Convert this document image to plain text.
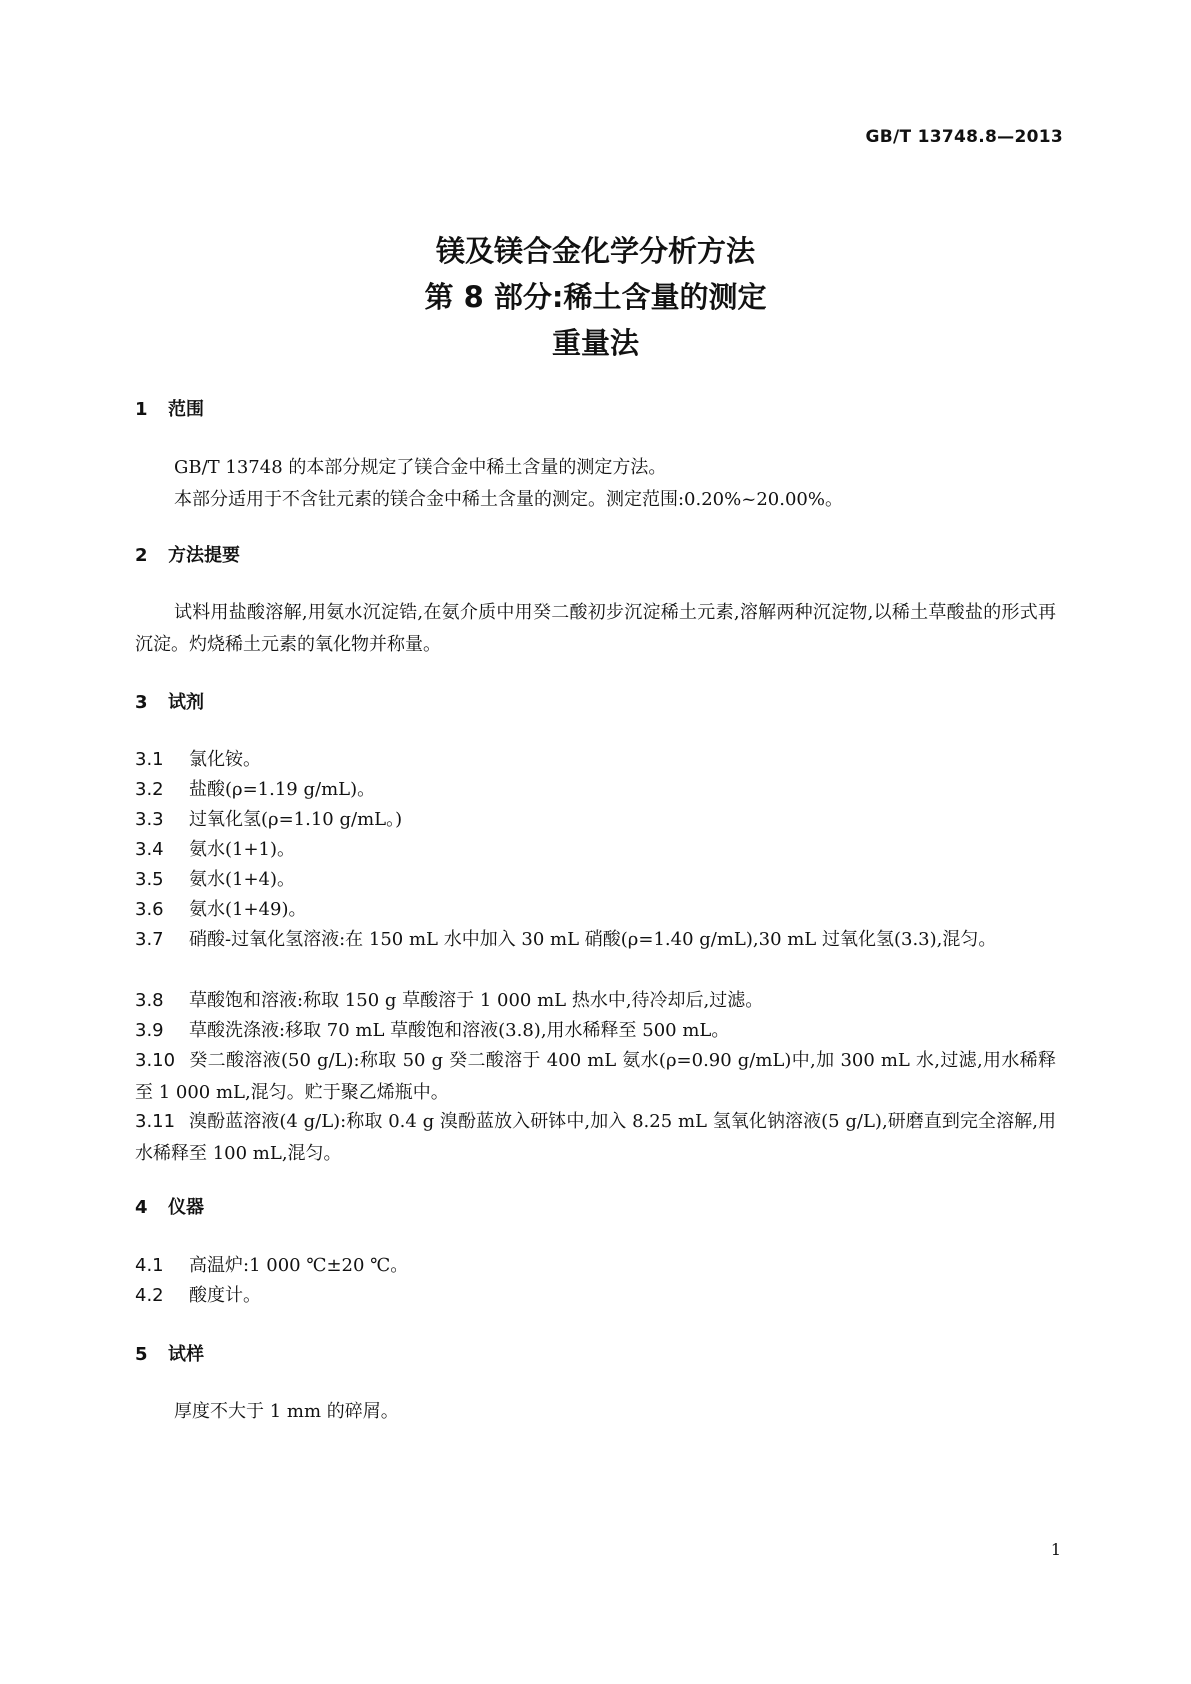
GB/T 13748.8—2013
镁及镁合金化学分析方法
第 8 部分:稀土含量的测定
重量法
1 范围
GB/T 13748 的本部分规定了镁合金中稀土含量的测定方法。
本部分适用于不含钍元素的镁合金中稀土含量的测定。测定范围:0.20%~20.00%。
2 方法提要
试料用盐酸溶解,用氨水沉淀锆,在氨介质中用癸二酸初步沉淀稀土元素,溶解两种沉淀物,以稀土草酸盐的形式再沉淀。灼烧稀土元素的氧化物并称量。
3 试剂
3.1 氯化铵。
3.2 盐酸(ρ=1.19 g/mL)。
3.3 过氧化氢(ρ=1.10 g/mL。)
3.4 氨水(1+1)。
3.5 氨水(1+4)。
3.6 氨水(1+49)。
3.7 硝酸-过氧化氢溶液:在 150 mL 水中加入 30 mL 硝酸(ρ=1.40 g/mL),30 mL 过氧化氢(3.3),混匀。
3.8 草酸饱和溶液:称取 150 g 草酸溶于 1 000 mL 热水中,待冷却后,过滤。
3.9 草酸洗涤液:移取 70 mL 草酸饱和溶液(3.8),用水稀释至 500 mL。
3.10 癸二酸溶液(50 g/L):称取 50 g 癸二酸溶于 400 mL 氨水(ρ=0.90 g/mL)中,加 300 mL 水,过滤,用水稀释至 1 000 mL,混匀。贮于聚乙烯瓶中。
3.11 溴酚蓝溶液(4 g/L):称取 0.4 g 溴酚蓝放入研钵中,加入 8.25 mL 氢氧化钠溶液(5 g/L),研磨直到完全溶解,用水稀释至 100 mL,混匀。
4 仪器
4.1 高温炉:1 000 ℃±20 ℃。
4.2 酸度计。
5 试样
厚度不大于 1 mm 的碎屑。
1
